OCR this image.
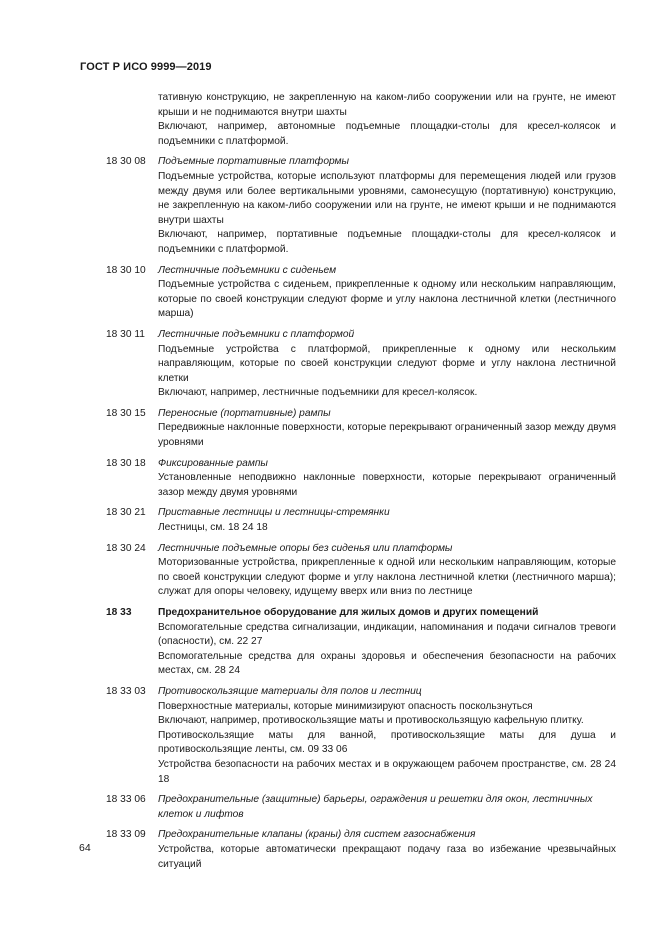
ГОСТ Р ИСО 9999—2019
тативную конструкцию, не закрепленную на каком-либо сооружении или на грунте, не имеют крыши и не поднимаются внутри шахты
Включают, например, автономные подъемные площадки-столы для кресел-колясок и подъемники с платформой.
18 30 08 Подъемные портативные платформы
Подъемные устройства, которые используют платформы для перемещения людей или грузов между двумя или более вертикальными уровнями, самонесущую (портативную) конструкцию, не закрепленную на каком-либо сооружении или на грунте, не имеют крыши и не поднимаются внутри шахты
Включают, например, портативные подъемные площадки-столы для кресел-колясок и подъемники с платформой.
18 30 10 Лестничные подъемники с сиденьем
Подъемные устройства с сиденьем, прикрепленные к одному или нескольким направляющим, которые по своей конструкции следуют форме и углу наклона лестничной клетки (лестничного марша)
18 30 11 Лестничные подъемники с платформой
Подъемные устройства с платформой, прикрепленные к одному или нескольким направляющим, которые по своей конструкции следуют форме и углу наклона лестничной клетки
Включают, например, лестничные подъемники для кресел-колясок.
18 30 15 Переносные (портативные) рампы
Передвижные наклонные поверхности, которые перекрывают ограниченный зазор между двумя уровнями
18 30 18 Фиксированные рампы
Установленные неподвижно наклонные поверхности, которые перекрывают ограниченный зазор между двумя уровнями
18 30 21 Приставные лестницы и лестницы-стремянки
Лестницы, см. 18 24 18
18 30 24 Лестничные подъемные опоры без сиденья или платформы
Моторизованные устройства, прикрепленные к одной или нескольким направляющим, которые по своей конструкции следуют форме и углу наклона лестничной клетки (лестничного марша); служат для опоры человеку, идущему вверх или вниз по лестнице
18 33	Предохранительное оборудование для жилых домов и других помещений
Вспомогательные средства сигнализации, индикации, напоминания и подачи сигналов тревоги (опасности), см. 22 27
Вспомогательные средства для охраны здоровья и обеспечения безопасности на рабочих местах, см. 28 24
18 33 03 Противоскользящие материалы для полов и лестниц
Поверхностные материалы, которые минимизируют опасность поскользнуться
Включают, например, противоскользящие маты и противоскользящую кафельную плитку.
Противоскользящие маты для ванной, противоскользящие маты для душа и противоскользящие ленты, см. 09 33 06
Устройства безопасности на рабочих местах и в окружающем рабочем пространстве, см. 28 24 18
18 33 06 Предохранительные (защитные) барьеры, ограждения и решетки для окон, лестничных клеток и лифтов
18 33 09 Предохранительные клапаны (краны) для систем газоснабжения
Устройства, которые автоматически прекращают подачу газа во избежание чрезвычайных ситуаций
64
